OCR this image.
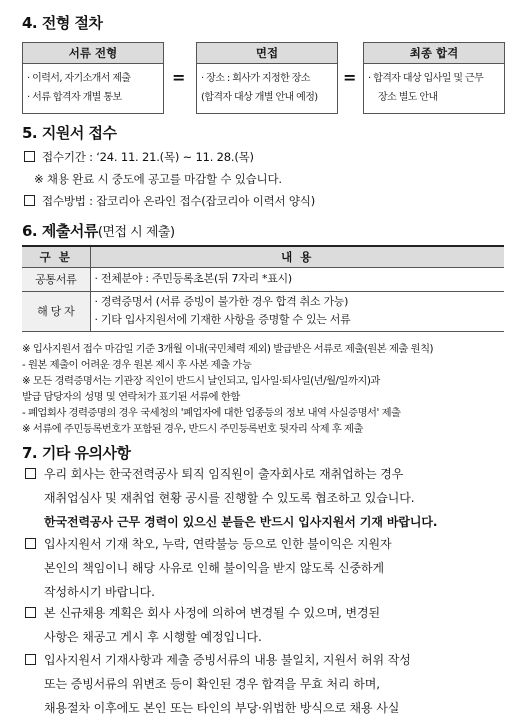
4. 전형 절차
서류 전형
· 이력서, 자기소개서 제출
· 서류 합격자 개별 통보
=
면접
· 장소 : 회사가 지정한 장소
(합격자 대상 개별 안내 예정)
=
최종 합격
· 합격자 대상 입사일 및 근무
장소 별도 안내
5. 지원서 접수
접수기간 : ‘24. 11. 21.(목) ~ 11. 28.(목)
※ 채용 완료 시 중도에 공고를 마감할 수 있습니다.
접수방법 : 잡코리아 온라인 접수(잡코리아 이력서 양식)
6. 제출서류(면접 시 제출)
구 분	내 용
공통서류	· 전체분야 : 주민등록초본(뒤 7자리 *표시)

해 당 자	· 경력증명서 (서류 증빙이 불가한 경우 합격 취소 가능)
· 기타 입사지원서에 기재한 사항을 증명할 수 있는 서류
※ 입사지원서 접수 마감일 기준 3개월 이내(국민체력 제외) 발급받은 서류로 제출(원본 제출 원칙)
- 원본 제출이 어려운 경우 원본 제시 후 사본 제출 가능
※ 모든 경력증명서는 기관장 직인이 반드시 날인되고, 입사일·퇴사일(년/월/일까지)과
발급 담당자의 성명 및 연락처가 표기된 서류에 한함
- 폐업회사 경력증명의 경우 국세청의 '폐업자에 대한 업종등의 정보 내역 사실증명서' 제출
※ 서류에 주민등록번호가 포함된 경우, 반드시 주민등록번호 뒷자리 삭제 후 제출
7. 기타 유의사항
우리 회사는 한국전력공사 퇴직 임직원이 출자회사로 재취업하는 경우
재취업심사 및 재취업 현황 공시를 진행할 수 있도록 협조하고 있습니다.
한국전력공사 근무 경력이 있으신 분들은 반드시 입사지원서 기재 바랍니다.
입사지원서 기재 착오, 누락, 연락불능 등으로 인한 불이익은 지원자
본인의 책임이니 해당 사유로 인해 불이익을 받지 않도록 신중하게
작성하시기 바랍니다.
본 신규채용 계획은 회사 사정에 의하여 변경될 수 있으며, 변경된
사항은 채공고 게시 후 시행할 예정입니다.
입사지원서 기재사항과 제출 증빙서류의 내용 불일치, 지원서 허위 작성
또는 증빙서류의 위변조 등이 확인된 경우 합격을 무효 처리 하며,
채용절차 이후에도 본인 또는 타인의 부당·위법한 방식으로 채용 사실
